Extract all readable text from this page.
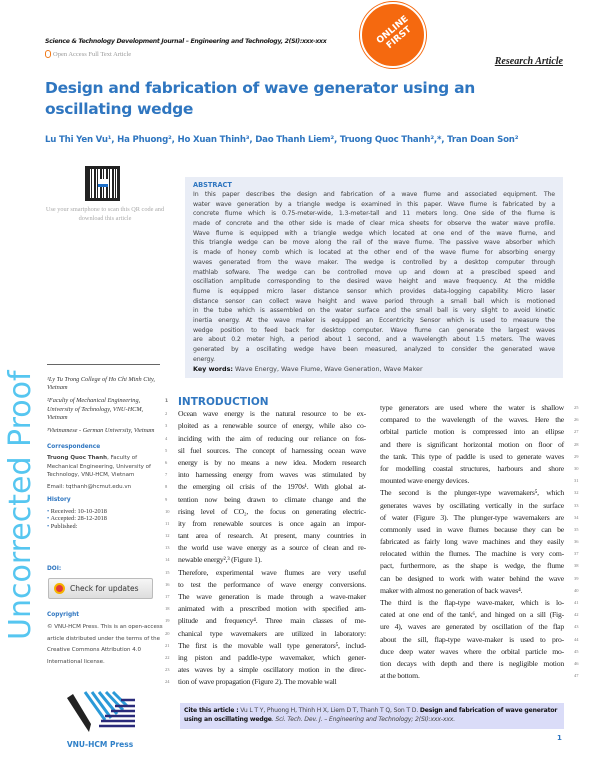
Science & Technology Development Journal – Engineering and Technology, 2(SI):xxx-xxx
Open Access Full Text Article
ONLINE FIRST
Research Article
Design and fabrication of wave generator using an oscillating wedge
Lu Thi Yen Vu¹, Ha Phuong², Ho Xuan Thinh³, Dao Thanh Liem², Truong Quoc Thanh²,*, Tran Doan Son²
Use your smartphone to scan this QR code and download this article
ABSTRACT
In this paper describes the design and fabrication of a wave flume and associated equipment. The
water wave generation by a triangle wedge is examined in this paper. Wave flume is fabricated by a
concrete flume which is 0.75-meter-wide, 1.3-meter-tall and 11 meters long. One side of the flume is
made of concrete and the other side is made of clear mica sheets for observe the water wave profile.
Wave flume is equipped with a triangle wedge which located at one end of the wave flume, and
this triangle wedge can be move along the rail of the wave flume. The passive wave absorber which
is made of honey comb which is located at the other end of the wave flume for absorbing energy
waves generated from the wave maker. The wedge is controlled by a desktop computer through
mathlab sofware. The wedge can be controlled move up and down at a prescibed speed and
oscillation amplitude corresponding to the desired wave height and wave frequency. At the middle
flume is equipped micro laser distance sensor which provides data-logging capability. Micro laser
distance sensor can collect wave height and wave period through a small ball which is motioned
in the tube which is assembled on the water surface and the small ball is very slight to avoid kinetic
inertia energy. At the wave maker is equipped an Eccentricity Sensor which is used to measure the
wedge position to feed back for desktop computer. Wave flume can generate the largest waves
are about 0.2 meter high, a period about 1 second, and a wavelength about 1.5 meters. The waves
generated by a oscillating wedge have been measured, analyzed to consider the generated wave
energy.
Key words: Wave Energy, Wave Flume, Wave Generation, Wave Maker
¹Ly Tu Trong College of Ho Chi Minh City, Vietnam
²Faculty of Mechanical Engineering, University of Technology, VNU-HCM, Vietnam
³Vietnamese - German University, Vietnam
Correspondence
Truong Quoc Thanh, Faculty of Mechanical Engineering, University of Technology, VNU-HCM, Vietnam
Email: tqthanh@hcmut.edu.vn
History
• Received: 10-10-2018
• Accepted: 28-12-2018
• Published:
DOI:
Check for updates
Copyright
© VNU-HCM Press. This is an open-access article distributed under the terms of the Creative Commons Attribution 4.0 International license.
VNU-HCM Press
1 INTRODUCTION
2	Ocean wave energy is the natural resource to be ex-
3	ploited as a renewable source of energy, while also co-
4	inciding with the aim of reducing our reliance on fos-
5	sil fuel sources. The concept of harnessing ocean wave
6	energy is by no means a new idea. Modern research
7	into harnessing energy from waves was stimulated by
8	the emerging oil crisis of the 1970s¹. With global at-
9	tention now being drawn to climate change and the
10	rising level of CO₂, the focus on generating electric-
11	ity from renewable sources is once again an impor-
12	tant area of research. At present, many countries in
13	the world use wave energy as a source of clean and re-
14	newable energy²,³ (Figure 1).
15	Therefore, experimental wave flumes are very useful
16	to test the performance of wave energy conversions.
17	The wave generation is made through a wave-maker
18	animated with a prescribed motion with specified am-
19	plitude and frequency⁴. Three main classes of me-
20	chanical type wavemakers are utilized in laboratory:
21	The first is the movable wall type generators⁵, includ-
22	ing piston and paddle-type wavemaker, which gener-
23	ates waves by a simple oscillatory motion in the direc-
24	tion of wave propagation (Figure 2). The movable wall
25
type generators are used where the water is shallow
26
compared to the wavelength of the waves. Here the
27
orbital particle motion is compressed into an ellipse
28
and there is significant horizontal motion on floor of
29
the tank. This type of paddle is used to generate waves
30
for modelling coastal structures, harbours and shore
31
mounted wave energy devices.
32
The second is the plunger-type wavemakers⁵, which
33
generates waves by oscillating vertically in the surface
34
of water (Figure 3). The plunger-type wavemakers are
35
commonly used in wave flumes because they can be
36
fabricated as fairly long wave machines and they easily
37
relocated within the flumes. The machine is very com-
38
pact, furthermore, as the shape is wedge, the flume
39
can be designed to work with water behind the wave
40
maker with almost no generation of back waves⁴.
41
The third is the flap-type wave-maker, which is lo-
42
cated at one end of the tank⁶, and hinged on a sill (Fig-
43
ure 4), waves are generated by oscillation of the flap
44
about the sill, flap-type wave-maker is used to pro-
45
duce deep water waves where the orbital particle mo-
46
tion decays with depth and there is negligible motion
47
at the bottom.
Cite this article : Vu L T Y, Phuong H, Thinh H X, Liem D T, Thanh T Q, Son T D. Design and fabrication of wave generator using an oscillating wedge. Sci. Tech. Dev. J. – Engineering and Technology; 2(SI):xxx-xxx.
1
Uncorrected Proof
